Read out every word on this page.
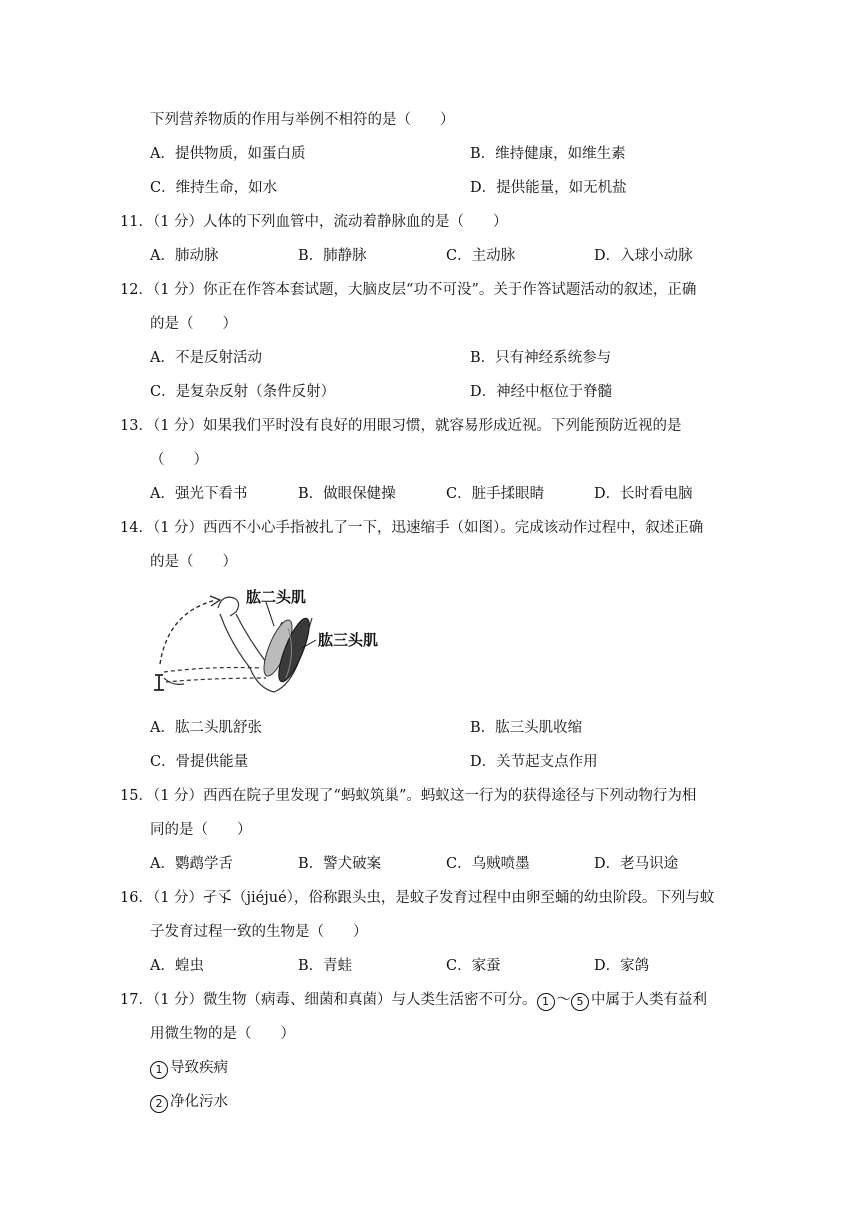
下列营养物质的作用与举例不相符的是（　　）
A．提供物质，如蛋白质	B．维持健康，如维生素
C．维持生命，如水	D．提供能量，如无机盐
11．（1 分）人体的下列血管中，流动着静脉血的是（　　）
A．肺动脉	B．肺静脉	C．主动脉	D．入球小动脉
12．（1 分）你正在作答本套试题，大脑皮层“功不可没”。关于作答试题活动的叙述，正确
的是（　　）
A．不是反射活动	B．只有神经系统参与
C．是复杂反射（条件反射）	D．神经中枢位于脊髓
13．（1 分）如果我们平时没有良好的用眼习惯，就容易形成近视。下列能预防近视的是
（　　）
A．强光下看书	B．做眼保健操	C．脏手揉眼睛	D．长时看电脑
14．（1 分）西西不小心手指被扎了一下，迅速缩手（如图）。完成该动作过程中，叙述正确
的是（　　）
肱二头肌
肱三头肌
A．肱二头肌舒张	B．肱三头肌收缩
C．骨提供能量	D．关节起支点作用
15．（1 分）西西在院子里发现了“蚂蚁筑巢”。蚂蚁这一行为的获得途径与下列动物行为相
同的是（　　）
A．鹦鹉学舌	B．警犬破案	C．乌贼喷墨	D．老马识途
16．（1 分）孑孓（jiéjué），俗称跟头虫，是蚊子发育过程中由卵至蛹的幼虫阶段。下列与蚊
子发育过程一致的生物是（　　）
A．蝗虫	B．青蛙	C．家蚕	D．家鸽
17．（1 分）微生物（病毒、细菌和真菌）与人类生活密不可分。 1 ～ 5 中属于人类有益利
用微生物的是（　　）
1 导致疾病
2 净化污水
